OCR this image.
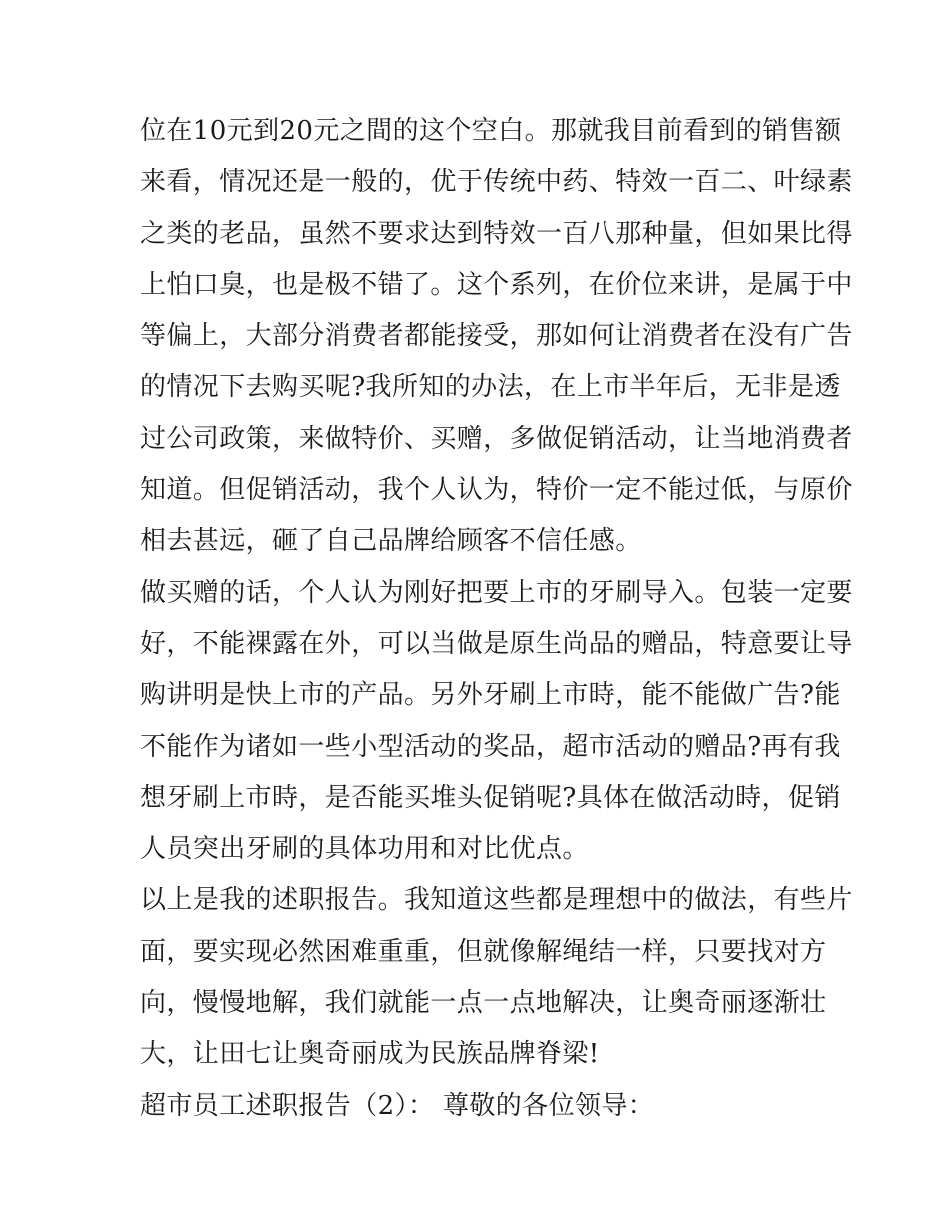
位在10元到20元之間的这个空白。那就我目前看到的销售额
来看，情况还是一般的，优于传统中药、特效一百二、叶绿素
之类的老品，虽然不要求达到特效一百八那种量，但如果比得
上怕口臭，也是极不错了。这个系列，在价位来讲，是属于中
等偏上，大部分消费者都能接受，那如何让消费者在没有广告
的情况下去购买呢?我所知的办法，在上市半年后，无非是透
过公司政策，来做特价、买赠，多做促销活动，让当地消费者
知道。但促销活动，我个人认为，特价一定不能过低，与原价
相去甚远，砸了自己品牌给顾客不信任感。
做买赠的话，个人认为刚好把要上市的牙刷导入。包装一定要
好，不能裸露在外，可以当做是原生尚品的赠品，特意要让导
购讲明是快上市的产品。另外牙刷上市時，能不能做广告?能
不能作为诸如一些小型活动的奖品，超市活动的赠品?再有我
想牙刷上市時，是否能买堆头促销呢?具体在做活动時，促销
人员突出牙刷的具体功用和对比优点。
以上是我的述职报告。我知道这些都是理想中的做法，有些片
面，要实现必然困难重重，但就像解绳结一样，只要找对方
向，慢慢地解，我们就能一点一点地解决，让奥奇丽逐渐壮
大，让田七让奥奇丽成为民族品牌脊梁!
超市员工述职报告（2）： 尊敬的各位领导：
